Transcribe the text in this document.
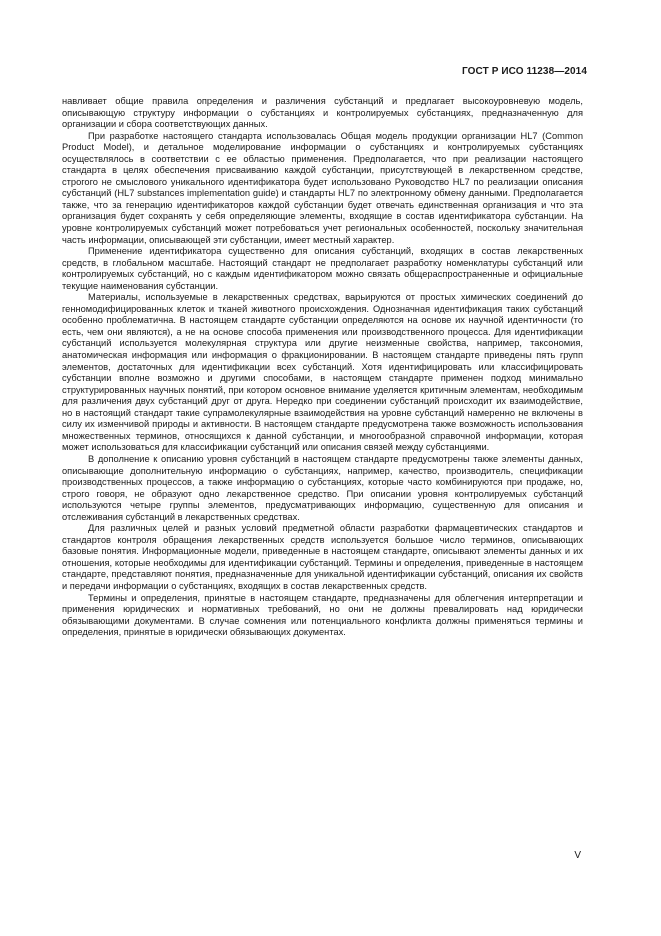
ГОСТ Р ИСО 11238—2014

навливает общие правила определения и различения субстанций и предлагает высокоуровневую модель, описывающую структуру информации о субстанциях и контролируемых субстанциях, предназначенную для организации и сбора соответствующих данных.

При разработке настоящего стандарта использовалась Общая модель продукции организации HL7 (Common Product Model), и детальное моделирование информации о субстанциях и контролируемых субстанциях осуществлялось в соответствии с ее областью применения. Предполагается, что при реализации настоящего стандарта в целях обеспечения присваиванию каждой субстанции, присутствующей в лекарственном средстве, строгого не смыслового уникального идентификатора будет использовано Руководство HL7 по реализации описания субстанций (HL7 substances implementation guide) и стандарты HL7 по электронному обмену данными. Предполагается также, что за генерацию идентификаторов каждой субстанции будет отвечать единственная организация и что эта организация будет сохранять у себя определяющие элементы, входящие в состав идентификатора субстанции. На уровне контролируемых субстанций может потребоваться учет региональных особенностей, поскольку значительная часть информации, описывающей эти субстанции, имеет местный характер.

Применение идентификатора существенно для описания субстанций, входящих в состав лекарственных средств, в глобальном масштабе. Настоящий стандарт не предполагает разработку номенклатуры субстанций или контролируемых субстанций, но с каждым идентификатором можно связать общераспространенные и официальные текущие наименования субстанции.

Материалы, используемые в лекарственных средствах, варьируются от простых химических соединений до генномодифицированных клеток и тканей животного происхождения. Однозначная идентификация таких субстанций особенно проблематична. В настоящем стандарте субстанции определяются на основе их научной идентичности (то есть, чем они являются), а не на основе способа применения или производственного процесса. Для идентификации субстанций используется молекулярная структура или другие неизменные свойства, например, таксономия, анатомическая информация или информация о фракционировании. В настоящем стандарте приведены пять групп элементов, достаточных для идентификации всех субстанций. Хотя идентифицировать или классифицировать субстанции вполне возможно и другими способами, в настоящем стандарте применен подход минимально структурированных научных понятий, при котором основное внимание уделяется критичным элементам, необходимым для различения двух субстанций друг от друга. Нередко при соединении субстанций происходит их взаимодействие, но в настоящий стандарт такие супрамолекулярные взаимодействия на уровне субстанций намеренно не включены в силу их изменчивой природы и активности. В настоящем стандарте предусмотрена также возможность использования множественных терминов, относящихся к данной субстанции, и многообразной справочной информации, которая может использоваться для классификации субстанций или описания связей между субстанциями.

В дополнение к описанию уровня субстанций в настоящем стандарте предусмотрены также элементы данных, описывающие дополнительную информацию о субстанциях, например, качество, производитель, спецификации производственных процессов, а также информацию о субстанциях, которые часто комбинируются при продаже, но, строго говоря, не образуют одно лекарственное средство. При описании уровня контролируемых субстанций используются четыре группы элементов, предусматривающих информацию, существенную для описания и отслеживания субстанций в лекарственных средствах.

Для различных целей и разных условий предметной области разработки фармацевтических стандартов и стандартов контроля обращения лекарственных средств используется большое число терминов, описывающих базовые понятия. Информационные модели, приведенные в настоящем стандарте, описывают элементы данных и их отношения, которые необходимы для идентификации субстанций. Термины и определения, приведенные в настоящем стандарте, представляют понятия, предназначенные для уникальной идентификации субстанций, описания их свойств и передачи информации о субстанциях, входящих в состав лекарственных средств.

Термины и определения, принятые в настоящем стандарте, предназначены для облегчения интерпретации и применения юридических и нормативных требований, но они не должны превалировать над юридически обязывающими документами. В случае сомнения или потенциального конфликта должны применяться термины и определения, принятые в юридически обязывающих документах.

V
